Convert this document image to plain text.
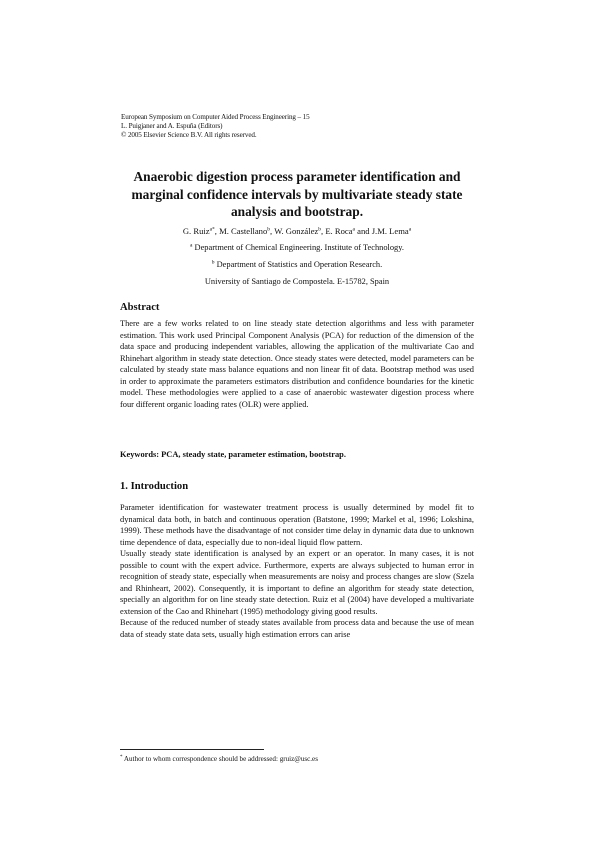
European Symposium on Computer Aided Process Engineering – 15
L. Puigjaner and A. Espuña (Editors)
© 2005 Elsevier Science B.V. All rights reserved.
Anaerobic digestion process parameter identification and marginal confidence intervals by multivariate steady state analysis and bootstrap.
G. Ruiz$^{a*}$, M. Castellano$^b$, W. González$^b$, E. Roca$^a$ and J.M. Lema$^a$
$^a$ Department of Chemical Engineering. Institute of Technology.
$^b$ Department of Statistics and Operation Research.
University of Santiago de Compostela. E-15782, Spain
Abstract
There are a few works related to on line steady state detection algorithms and less with parameter estimation. This work used Principal Component Analysis (PCA) for reduction of the dimension of the data space and producing independent variables, allowing the application of the multivariate Cao and Rhinehart algorithm in steady state detection. Once steady states were detected, model parameters can be calculated by steady state mass balance equations and non linear fit of data. Bootstrap method was used in order to approximate the parameters estimators distribution and confidence boundaries for the kinetic model. These methodologies were applied to a case of anaerobic wastewater digestion process where four different organic loading rates (OLR) were applied.
Keywords: PCA, steady state, parameter estimation, bootstrap.
1. Introduction

Parameter identification for wastewater treatment process is usually determined by model fit to dynamical data both, in batch and continuous operation (Batstone, 1999; Markel et al, 1996; Lokshina, 1999). These methods have the disadvantage of not consider time delay in dynamic data due to unknown time dependence of data, especially due to non-ideal liquid flow pattern.

Usually steady state identification is analysed by an expert or an operator. In many cases, it is not possible to count with the expert advice. Furthermore, experts are always subjected to human error in recognition of steady state, especially when measurements are noisy and process changes are slow (Szela and Rhinheart, 2002). Consequently, it is important to define an algorithm for steady state detection, specially an algorithm for on line steady state detection. Ruiz et al (2004) have developed a multivariate extension of the Cao and Rhinehart (1995) methodology giving good results.

Because of the reduced number of steady states available from process data and because the use of mean data of steady state data sets, usually high estimation errors can arise

* Author to whom correspondence should be addressed: gruiz@usc.es
